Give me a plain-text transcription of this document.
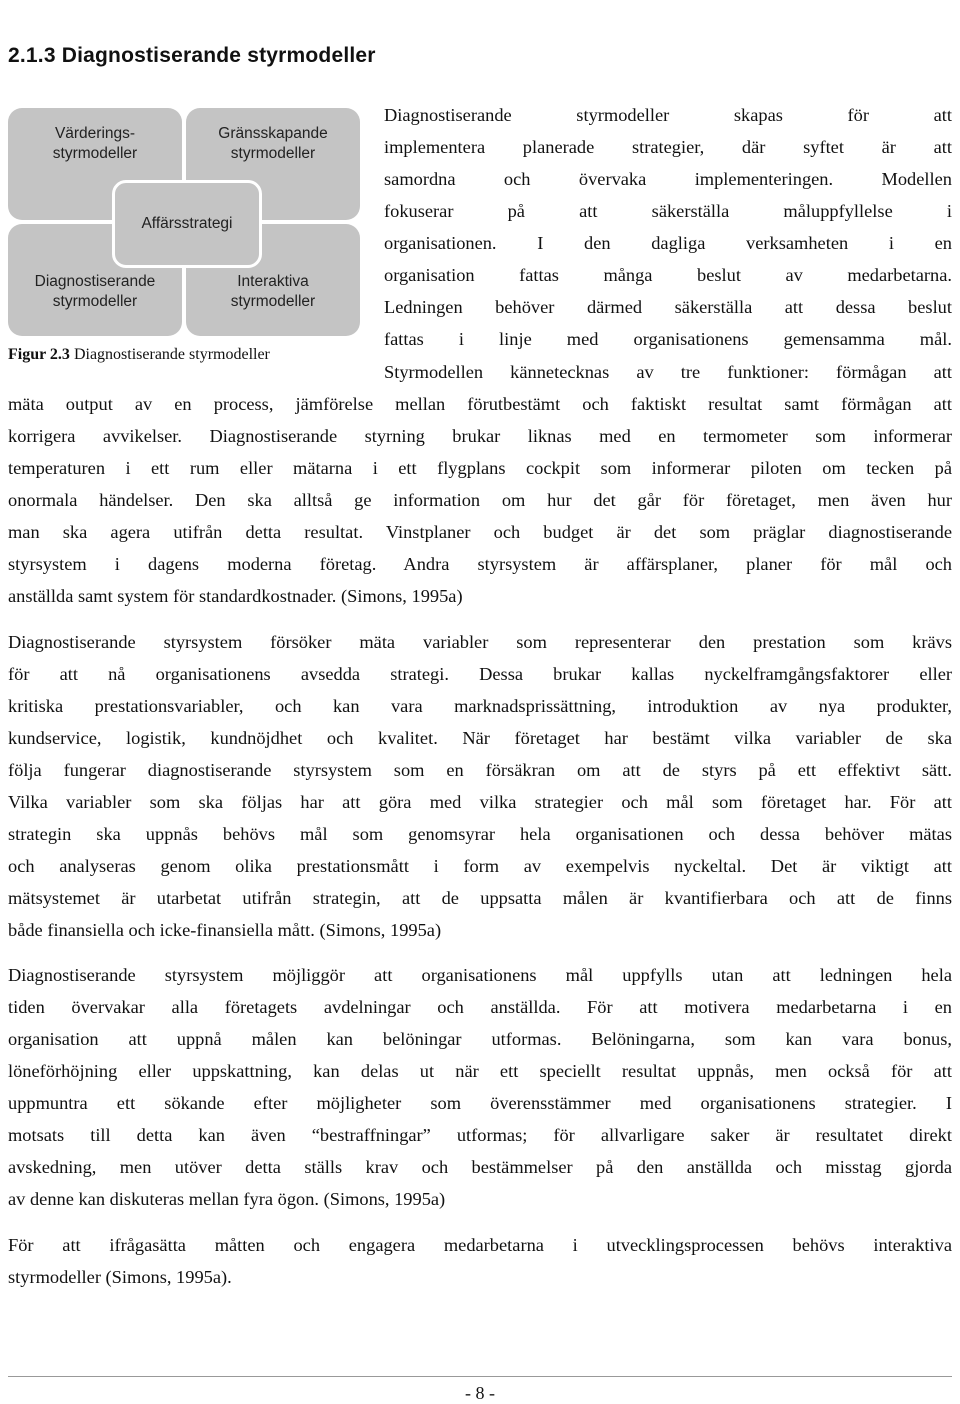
2.1.3 Diagnostiserande styrmodeller
Värderings-
styrmodeller
Gränsskapande
styrmodeller
Diagnostiserande
styrmodeller
Interaktiva
styrmodeller
Affärsstrategi
Figur 2.3 Diagnostiserande styrmodeller
Diagnostiserande styrmodeller skapas för att
implementera planerade strategier, där syftet är att
samordna och övervaka implementeringen. Modellen
fokuserar på att säkerställa måluppfyllelse i
organisationen. I den dagliga verksamheten i en
organisation fattas många beslut av medarbetarna.
Ledningen behöver därmed säkerställa att dessa beslut
fattas i linje med organisationens gemensamma mål.
Styrmodellen kännetecknas av tre funktioner: förmågan att
mäta output av en process, jämförelse mellan förutbestämt och faktiskt resultat samt förmågan att
korrigera avvikelser. Diagnostiserande styrning brukar liknas med en termometer som informerar
temperaturen i ett rum eller mätarna i ett flygplans cockpit som informerar piloten om tecken på
onormala händelser. Den ska alltså ge information om hur det går för företaget, men även hur
man ska agera utifrån detta resultat. Vinstplaner och budget är det som präglar diagnostiserande
styrsystem i dagens moderna företag. Andra styrsystem är affärsplaner, planer för mål och
anställda samt system för standardkostnader. (Simons, 1995a)
Diagnostiserande styrsystem försöker mäta variabler som representerar den prestation som krävs
för att nå organisationens avsedda strategi. Dessa brukar kallas nyckelframgångsfaktorer eller
kritiska prestationsvariabler, och kan vara marknadsprissättning, introduktion av nya produkter,
kundservice, logistik, kundnöjdhet och kvalitet. När företaget har bestämt vilka variabler de ska
följa fungerar diagnostiserande styrsystem som en försäkran om att de styrs på ett effektivt sätt.
Vilka variabler som ska följas har att göra med vilka strategier och mål som företaget har. För att
strategin ska uppnås behövs mål som genomsyrar hela organisationen och dessa behöver mätas
och analyseras genom olika prestationsmått i form av exempelvis nyckeltal. Det är viktigt att
mätsystemet är utarbetat utifrån strategin, att de uppsatta målen är kvantifierbara och att de finns
både finansiella och icke-finansiella mått. (Simons, 1995a)
Diagnostiserande styrsystem möjliggör att organisationens mål uppfylls utan att ledningen hela
tiden övervakar alla företagets avdelningar och anställda. För att motivera medarbetarna i en
organisation att uppnå målen kan belöningar utformas. Belöningarna, som kan vara bonus,
löneförhöjning eller uppskattning, kan delas ut när ett speciellt resultat uppnås, men också för att
uppmuntra ett sökande efter möjligheter som överensstämmer med organisationens strategier. I
motsats till detta kan även “bestraffningar” utformas; för allvarligare saker är resultatet direkt
avskedning, men utöver detta ställs krav och bestämmelser på den anställda och misstag gjorda
av denne kan diskuteras mellan fyra ögon. (Simons, 1995a)
För att ifrågasätta måtten och engagera medarbetarna i utvecklingsprocessen behövs interaktiva
styrmodeller (Simons, 1995a).
- 8 -
